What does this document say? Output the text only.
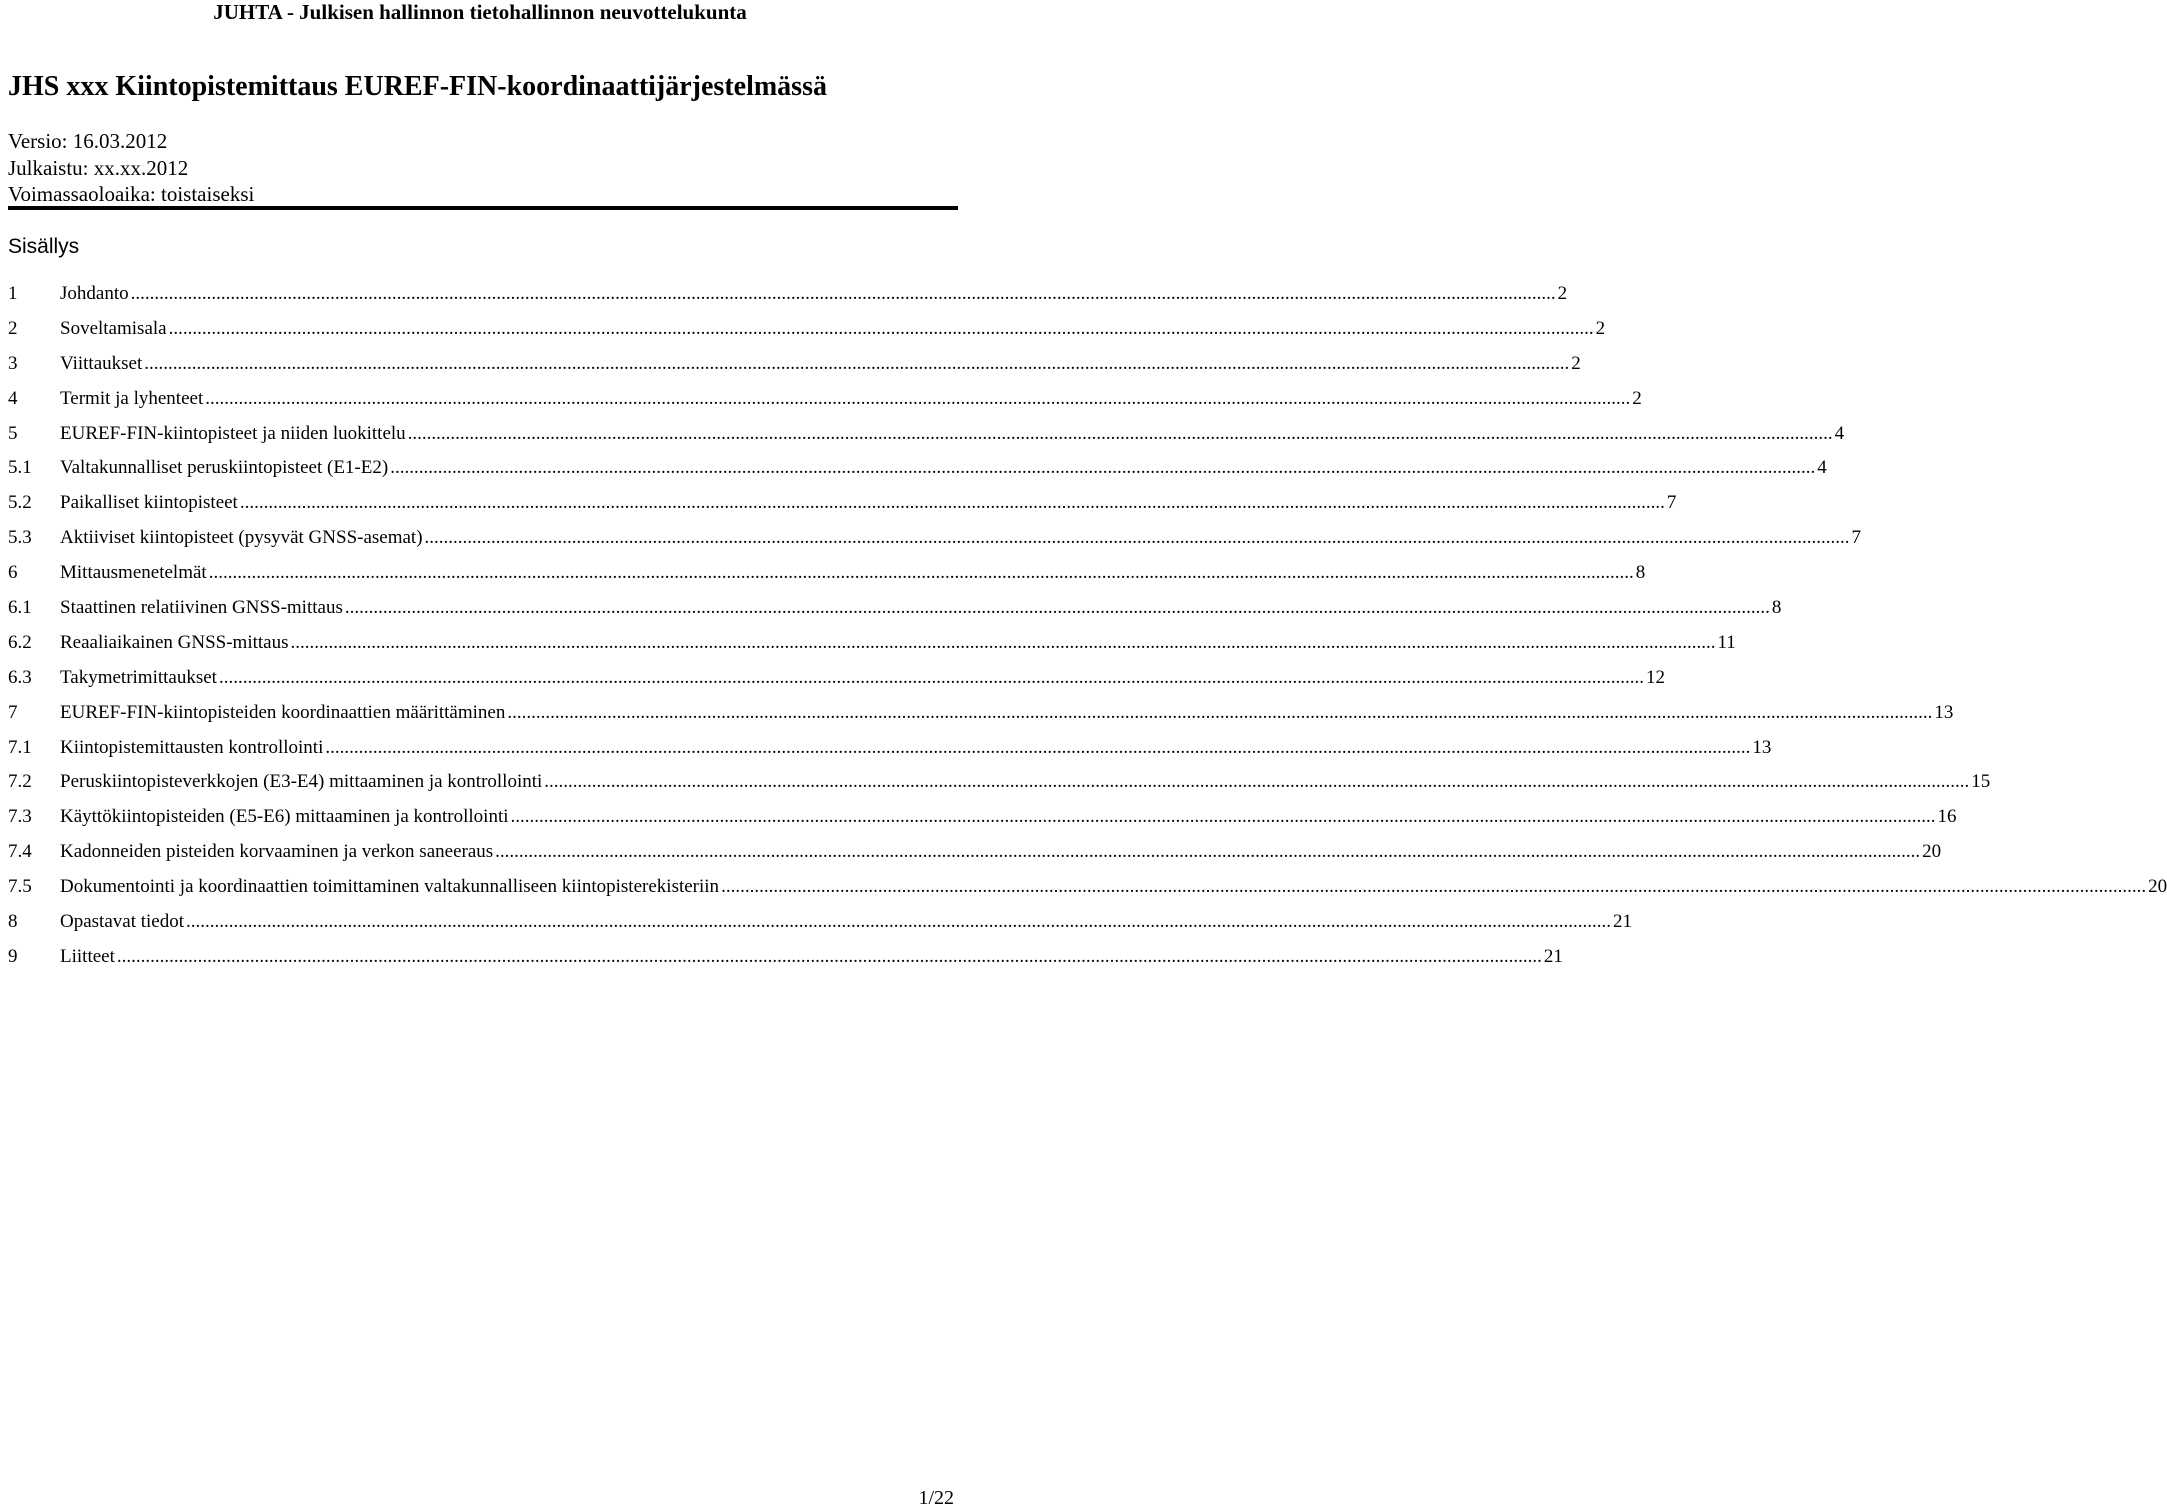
JUHTA - Julkisen hallinnon tietohallinnon neuvottelukunta
JHS xxx Kiintopistemittaus EUREF-FIN-koordinaattijärjestelmässä
Versio: 16.03.2012
Julkaistu: xx.xx.2012
Voimassaoloaika: toistaiseksi
Sisällys
1	Johdanto ............................................................................................................................................................................................................................................................................................................ 2
2	Soveltamisala ............................................................................................................................................................................................................................................................................................................ 2
3	Viittaukset ............................................................................................................................................................................................................................................................................................................ 2
4	Termit ja lyhenteet ............................................................................................................................................................................................................................................................................................................ 2
5	EUREF-FIN-kiintopisteet ja niiden luokittelu ............................................................................................................................................................................................................................................................................................................ 4
5.1	Valtakunnalliset peruskiintopisteet (E1-E2) ............................................................................................................................................................................................................................................................................................................ 4
5.2	Paikalliset kiintopisteet ............................................................................................................................................................................................................................................................................................................ 7
5.3	Aktiiviset kiintopisteet (pysyvät GNSS-asemat) ............................................................................................................................................................................................................................................................................................................ 7
6	Mittausmenetelmät ............................................................................................................................................................................................................................................................................................................ 8
6.1	Staattinen relatiivinen GNSS-mittaus ............................................................................................................................................................................................................................................................................................................ 8
6.2	Reaaliaikainen GNSS-mittaus ............................................................................................................................................................................................................................................................................................................ 11
6.3	Takymetrimittaukset ............................................................................................................................................................................................................................................................................................................ 12
7	EUREF-FIN-kiintopisteiden koordinaattien määrittäminen ............................................................................................................................................................................................................................................................................................................ 13
7.1	Kiintopistemittausten kontrollointi ............................................................................................................................................................................................................................................................................................................ 13
7.2	Peruskiintopisteverkkojen (E3-E4) mittaaminen ja kontrollointi ............................................................................................................................................................................................................................................................................................................ 15
7.3	Käyttökiintopisteiden (E5-E6) mittaaminen ja kontrollointi ............................................................................................................................................................................................................................................................................................................ 16
7.4	Kadonneiden pisteiden korvaaminen ja verkon saneeraus ............................................................................................................................................................................................................................................................................................................ 20
7.5	Dokumentointi ja koordinaattien toimittaminen valtakunnalliseen kiintopisterekisteriin ............................................................................................................................................................................................................................................................................................................ 20
8	Opastavat tiedot ............................................................................................................................................................................................................................................................................................................ 21
9	Liitteet ............................................................................................................................................................................................................................................................................................................ 21
1/22
